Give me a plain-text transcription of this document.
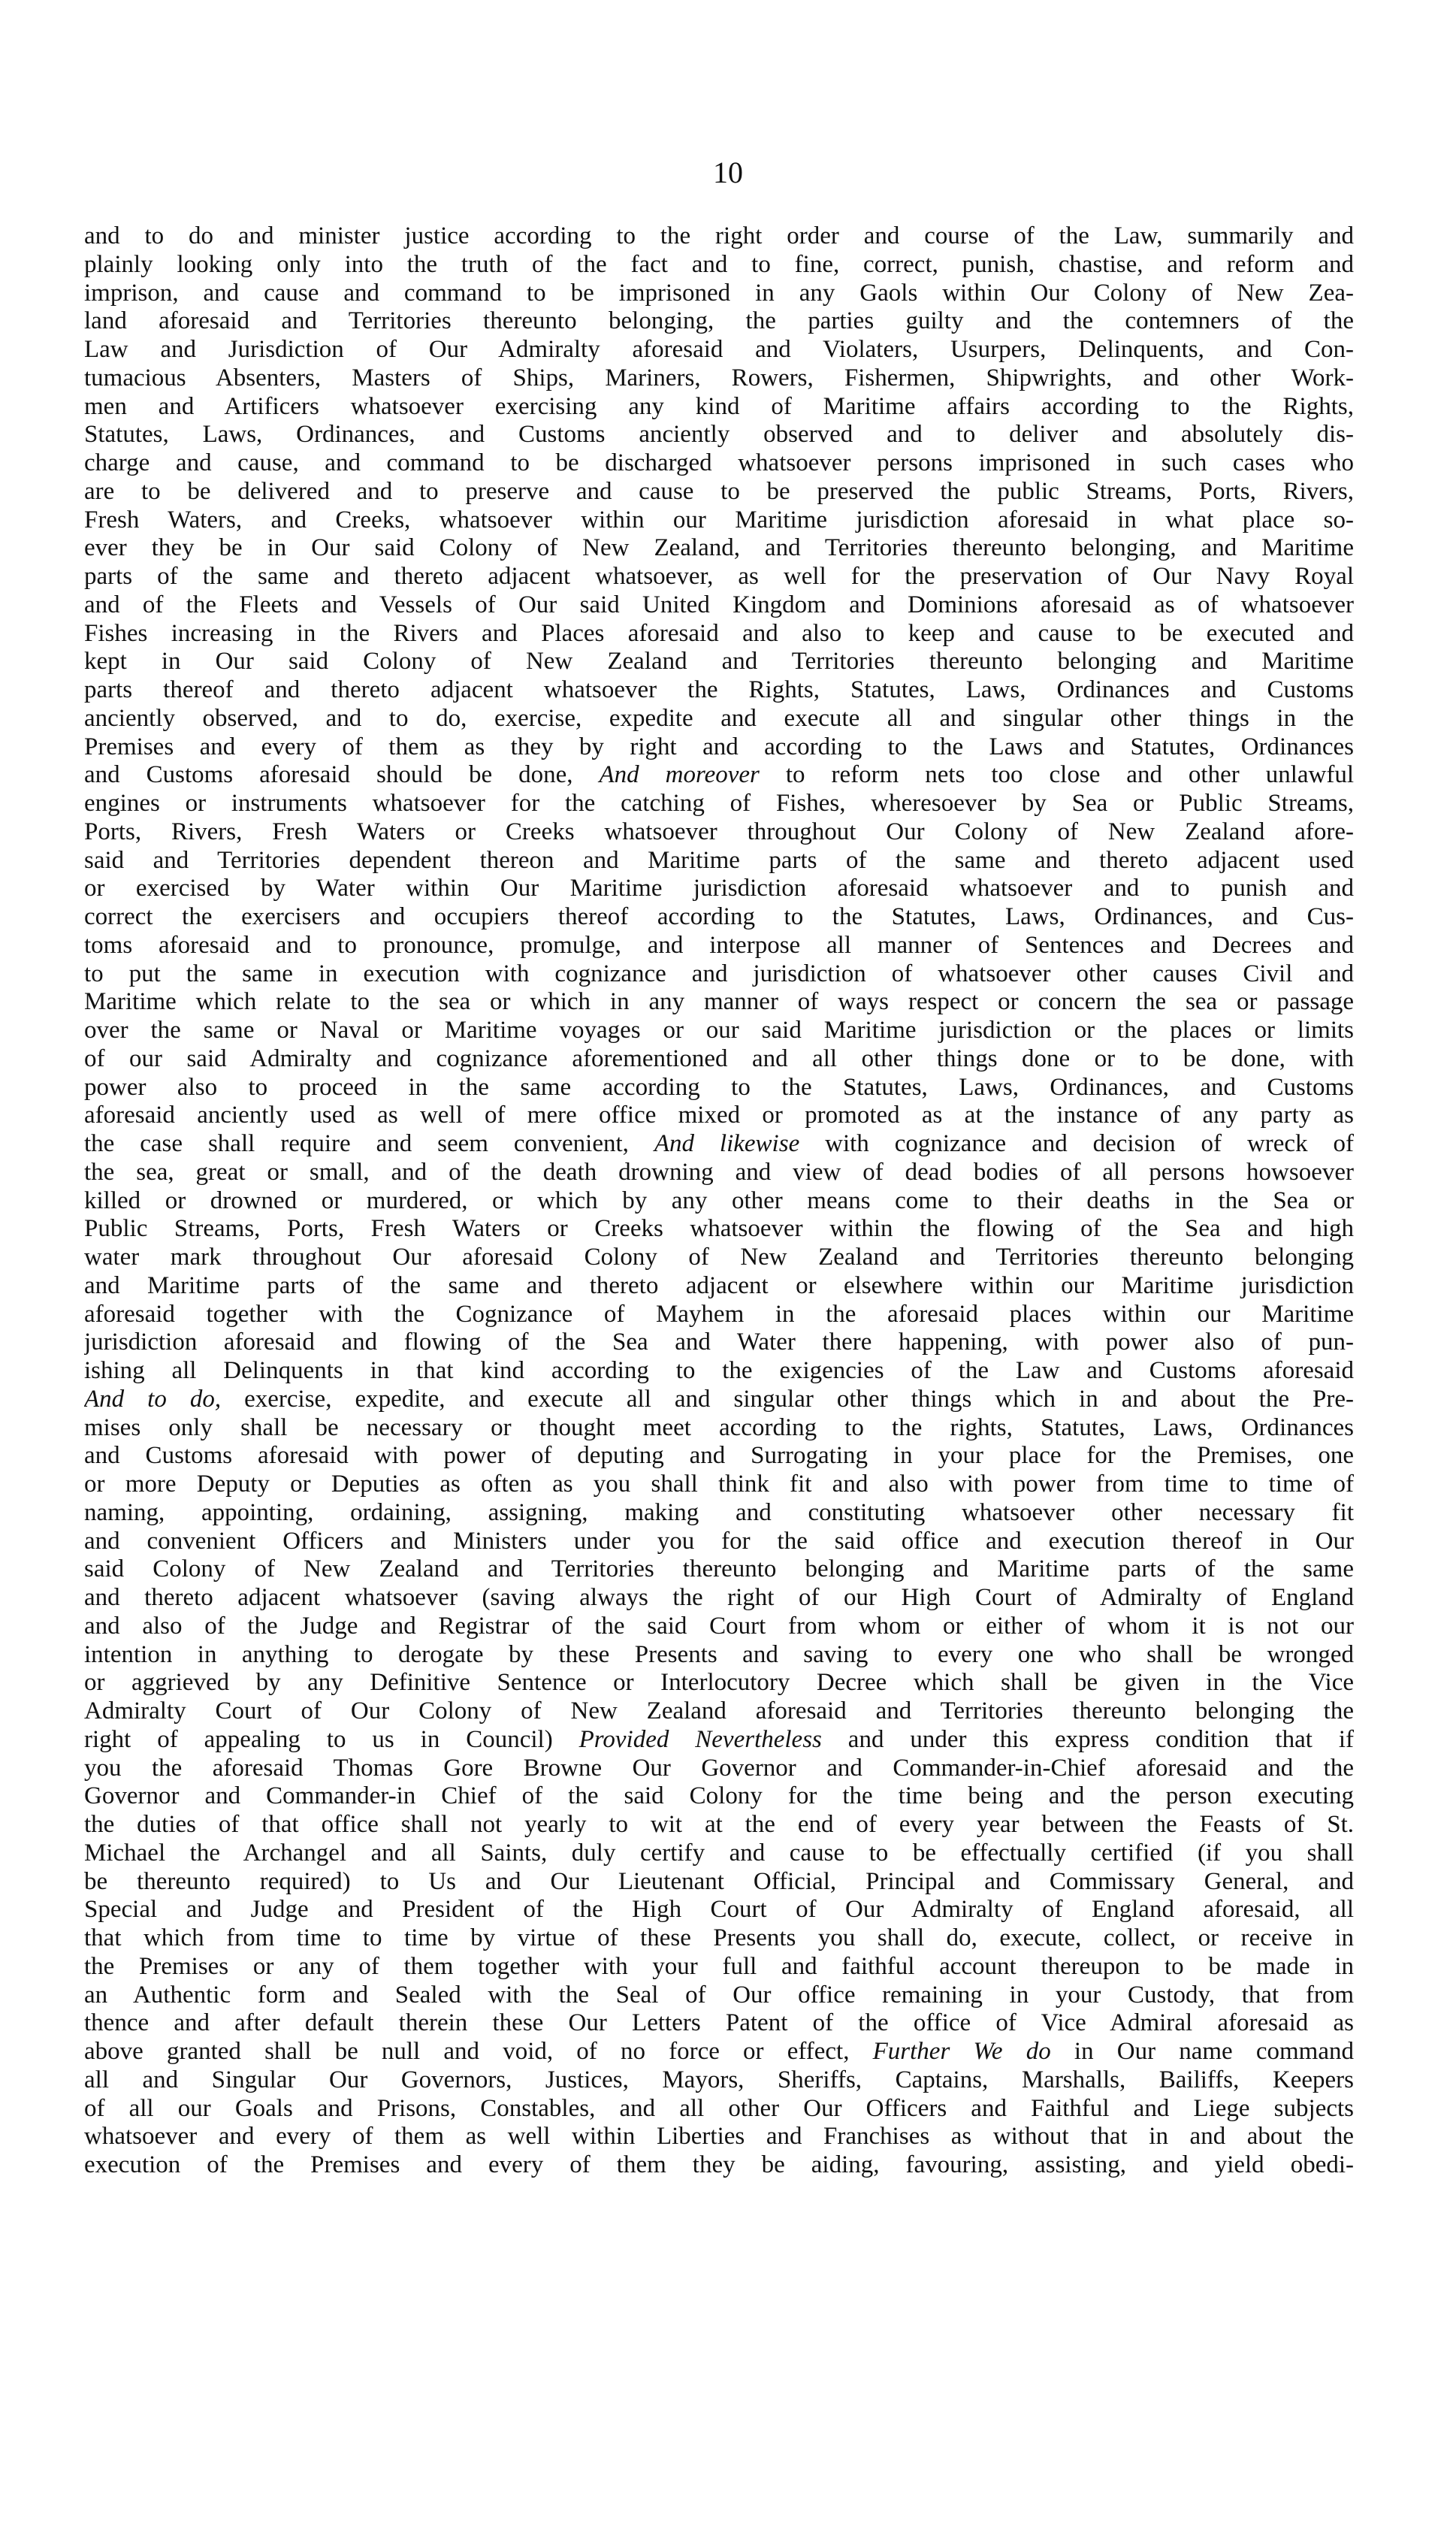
10
and to do and minister justice according to the right order and course of the Law, summarily and
plainly looking only into the truth of the fact and to fine, correct, punish, chastise, and reform and
imprison, and cause and command to be imprisoned in any Gaols within Our Colony of New Zea-
land aforesaid and Territories thereunto belonging, the parties guilty and the contemners of the
Law and Jurisdiction of Our Admiralty aforesaid and Violaters, Usurpers, Delinquents, and Con-
tumacious Absenters, Masters of Ships, Mariners, Rowers, Fishermen, Shipwrights, and other Work-
men and Artificers whatsoever exercising any kind of Maritime affairs according to the Rights,
Statutes, Laws, Ordinances, and Customs anciently observed and to deliver and absolutely dis-
charge and cause, and command to be discharged whatsoever persons imprisoned in such cases who
are to be delivered and to preserve and cause to be preserved the public Streams, Ports, Rivers,
Fresh Waters, and Creeks, whatsoever within our Maritime jurisdiction aforesaid in what place so-
ever they be in Our said Colony of New Zealand, and Territories thereunto belonging, and Maritime
parts of the same and thereto adjacent whatsoever, as well for the preservation of Our Navy Royal
and of the Fleets and Vessels of Our said United Kingdom and Dominions aforesaid as of whatsoever
Fishes increasing in the Rivers and Places aforesaid and also to keep and cause to be executed and
kept in Our said Colony of New Zealand and Territories thereunto belonging and Maritime
parts thereof and thereto adjacent whatsoever the Rights, Statutes, Laws, Ordinances and Customs
anciently observed, and to do, exercise, expedite and execute all and singular other things in the
Premises and every of them as they by right and according to the Laws and Statutes, Ordinances
and Customs aforesaid should be done, And moreover to reform nets too close and other unlawful
engines or instruments whatsoever for the catching of Fishes, wheresoever by Sea or Public Streams,
Ports, Rivers, Fresh Waters or Creeks whatsoever throughout Our Colony of New Zealand afore-
said and Territories dependent thereon and Maritime parts of the same and thereto adjacent used
or exercised by Water within Our Maritime jurisdiction aforesaid whatsoever and to punish and
correct the exercisers and occupiers thereof according to the Statutes, Laws, Ordinances, and Cus-
toms aforesaid and to pronounce, promulge, and interpose all manner of Sentences and Decrees and
to put the same in execution with cognizance and jurisdiction of whatsoever other causes Civil and
Maritime which relate to the sea or which in any manner of ways respect or concern the sea or passage
over the same or Naval or Maritime voyages or our said Maritime jurisdiction or the places or limits
of our said Admiralty and cognizance aforementioned and all other things done or to be done, with
power also to proceed in the same according to the Statutes, Laws, Ordinances, and Customs
aforesaid anciently used as well of mere office mixed or promoted as at the instance of any party as
the case shall require and seem convenient, And likewise with cognizance and decision of wreck of
the sea, great or small, and of the death drowning and view of dead bodies of all persons howsoever
killed or drowned or murdered, or which by any other means come to their deaths in the Sea or
Public Streams, Ports, Fresh Waters or Creeks whatsoever within the flowing of the Sea and high
water mark throughout Our aforesaid Colony of New Zealand and Territories thereunto belonging
and Maritime parts of the same and thereto adjacent or elsewhere within our Maritime jurisdiction
aforesaid together with the Cognizance of Mayhem in the aforesaid places within our Maritime
jurisdiction aforesaid and flowing of the Sea and Water there happening, with power also of pun-
ishing all Delinquents in that kind according to the exigencies of the Law and Customs aforesaid
And to do, exercise, expedite, and execute all and singular other things which in and about the Pre-
mises only shall be necessary or thought meet according to the rights, Statutes, Laws, Ordinances
and Customs aforesaid with power of deputing and Surrogating in your place for the Premises, one
or more Deputy or Deputies as often as you shall think fit and also with power from time to time of
naming, appointing, ordaining, assigning, making and constituting whatsoever other necessary fit
and convenient Officers and Ministers under you for the said office and execution thereof in Our
said Colony of New Zealand and Territories thereunto belonging and Maritime parts of the same
and thereto adjacent whatsoever (saving always the right of our High Court of Admiralty of England
and also of the Judge and Registrar of the said Court from whom or either of whom it is not our
intention in anything to derogate by these Presents and saving to every one who shall be wronged
or aggrieved by any Definitive Sentence or Interlocutory Decree which shall be given in the Vice
Admiralty Court of Our Colony of New Zealand aforesaid and Territories thereunto belonging the
right of appealing to us in Council) Provided Nevertheless and under this express condition that if
you the aforesaid Thomas Gore Browne Our Governor and Commander-in-Chief aforesaid and the
Governor and Commander-in Chief of the said Colony for the time being and the person executing
the duties of that office shall not yearly to wit at the end of every year between the Feasts of St.
Michael the Archangel and all Saints, duly certify and cause to be effectually certified (if you shall
be thereunto required) to Us and Our Lieutenant Official, Principal and Commissary General, and
Special and Judge and President of the High Court of Our Admiralty of England aforesaid, all
that which from time to time by virtue of these Presents you shall do, execute, collect, or receive in
the Premises or any of them together with your full and faithful account thereupon to be made in
an Authentic form and Sealed with the Seal of Our office remaining in your Custody, that from
thence and after default therein these Our Letters Patent of the office of Vice Admiral aforesaid as
above granted shall be null and void, of no force or effect, Further We do in Our name command
all and Singular Our Governors, Justices, Mayors, Sheriffs, Captains, Marshalls, Bailiffs, Keepers
of all our Goals and Prisons, Constables, and all other Our Officers and Faithful and Liege subjects
whatsoever and every of them as well within Liberties and Franchises as without that in and about the
execution of the Premises and every of them they be aiding, favouring, assisting, and yield obedi-
